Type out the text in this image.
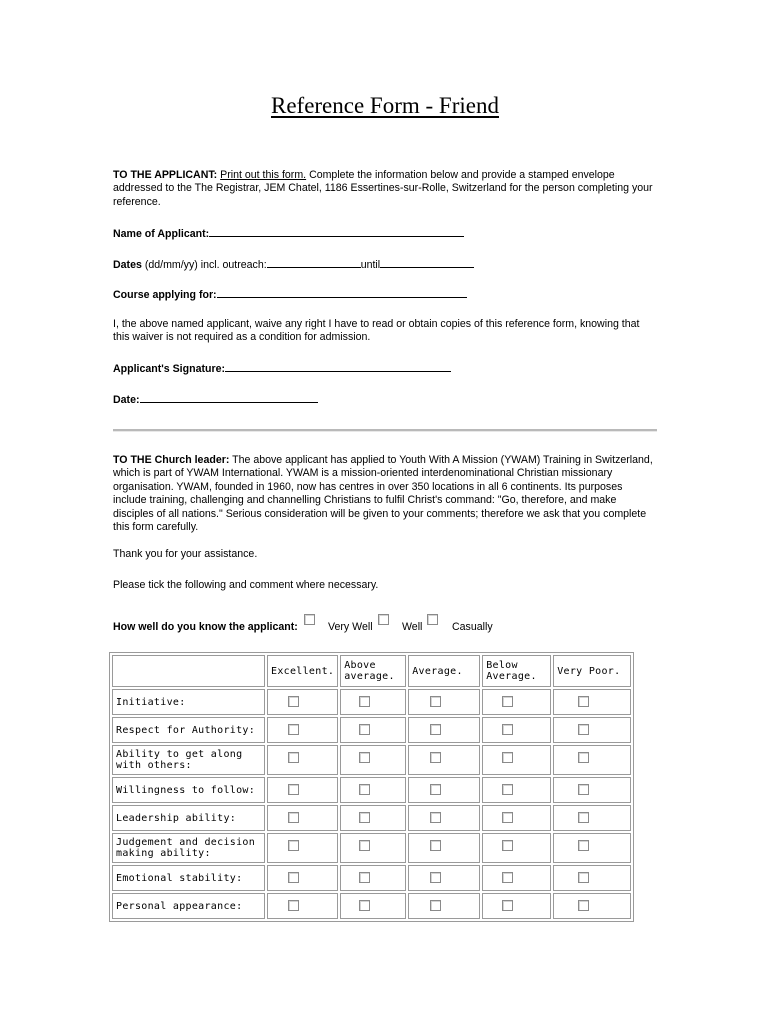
Reference Form - Friend
TO THE APPLICANT: Print out this form. Complete the information below and provide a stamped envelope addressed to the The Registrar, JEM Chatel, 1186 Essertines-sur-Rolle, Switzerland for the person completing your reference.
Name of Applicant:
Dates (dd/mm/yy) incl. outreach:	until
Course applying for:
I, the above named applicant, waive any right I have to read or obtain copies of this reference form, knowing that this waiver is not required as a condition for admission.
Applicant's Signature:
Date:
TO THE Church leader: The above applicant has applied to Youth With A Mission (YWAM) Training in Switzerland, which is part of YWAM International. YWAM is a mission-oriented interdenominational Christian missionary organisation. YWAM, founded in 1960, now has centres in over 350 locations in all 6 continents. Its purposes include training, challenging and channelling Christians to fulfil Christ's command: "Go, therefore, and make disciples of all nations." Serious consideration will be given to your comments; therefore we ask that you complete this form carefully.
Thank you for your assistance.
Please tick the following and comment where necessary.
How well do you know the applicant:	Very Well	Well	Casually
	Excellent.	Above average.	Average.	Below Average.	Very Poor.
Initiative:					
Respect for Authority:					
Ability to get along with others:					
Willingness to follow:					
Leadership ability:					
Judgement and decision making ability:					
Emotional stability:					
Personal appearance:					
